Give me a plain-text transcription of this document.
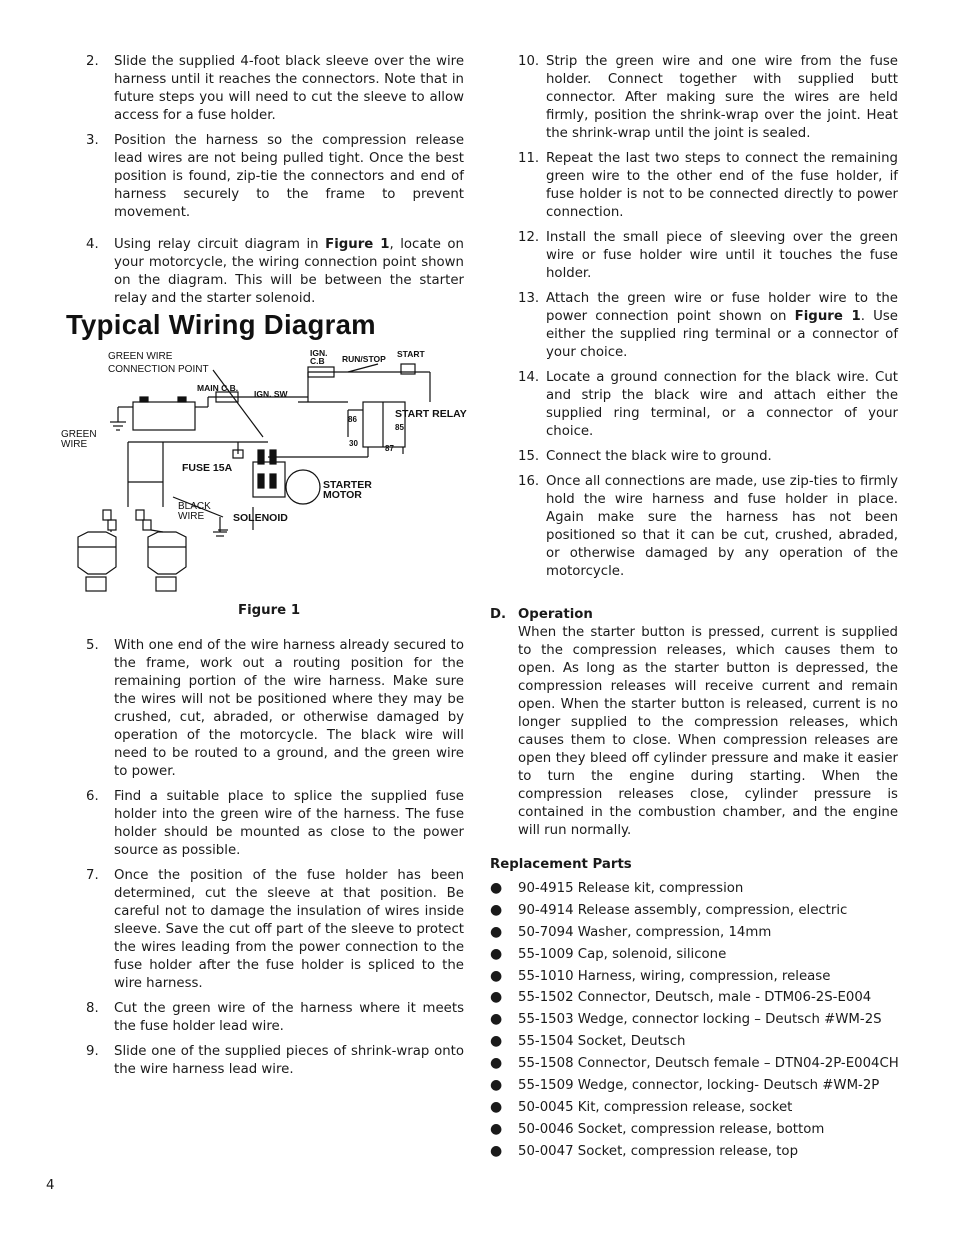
2. Slide the supplied 4-foot black sleeve over the wire harness until it reaches the connectors. Note that in future steps you will need to cut the sleeve to allow access for a fuse holder.
3. Position the harness so the compression release lead wires are not being pulled tight. Once the best position is found, zip-tie the connectors and end of harness securely to the frame to prevent movement.
4. Using relay circuit diagram in Figure 1, locate on your motorcycle, the wiring connection point shown on the diagram. This will be between the starter relay and the starter solenoid.
Typical Wiring Diagram
GREEN WIRE
CONNECTION POINT
IGN.
C.B RUN/STOP START
MAIN C.B.
IGN. SW
START RELAY
86
85
30
87
GREEN
WIRE
FUSE 15A
STARTER
MOTOR
BLACK
WIRE	SOLENOID
Figure 1
5. With one end of the wire harness already secured to the frame, work out a routing position for the remaining portion of the wire harness. Make sure the wires will not be positioned where they may be crushed, cut, abraded, or otherwise damaged by operation of the motorcycle. The black wire will need to be routed to a ground, and the green wire to power.
6. Find a suitable place to splice the supplied fuse holder into the green wire of the harness. The fuse holder should be mounted as close to the power source as possible.
7. Once the position of the fuse holder has been determined, cut the sleeve at that position. Be careful not to damage the insulation of wires inside sleeve. Save the cut off part of the sleeve to protect the wires leading from the power connection to the fuse holder after the fuse holder is spliced to the wire harness.
8. Cut the green wire of the harness where it meets the fuse holder lead wire.
9. Slide one of the supplied pieces of shrink-wrap onto the wire harness lead wire.
10. Strip the green wire and one wire from the fuse holder. Connect together with supplied butt connector. After making sure the wires are held firmly, position the shrink-wrap over the joint. Heat the shrink-wrap until the joint is sealed.
11. Repeat the last two steps to connect the remaining green wire to the other end of the fuse holder, if fuse holder is not to be connected directly to power connection.
12. Install the small piece of sleeving over the green wire or fuse holder wire until it touches the fuse holder.
13. Attach the green wire or fuse holder wire to the power connection point shown on Figure 1. Use either the supplied ring terminal or a connector of your choice.
14. Locate a ground connection for the black wire. Cut and strip the black wire and attach either the supplied ring terminal, or a connector of your choice.
15. Connect the black wire to ground.
16. Once all connections are made, use zip-ties to firmly hold the wire harness and fuse holder in place. Again make sure the harness has not been positioned so that it can be cut, crushed, abraded, or otherwise damaged by any operation of the motorcycle.
D. Operation
When the starter button is pressed, current is supplied to the compression releases, which causes them to open. As long as the starter button is depressed, the compression releases will receive current and remain open. When the starter button is released, current is no longer supplied to the compression releases, which causes them to close. When compression releases are open they bleed off cylinder pressure and make it easier to turn the engine during starting. When the compression releases close, cylinder pressure is contained in the combustion chamber, and the engine will run normally.
Replacement Parts
● 90-4915 Release kit, compression
● 90-4914 Release assembly, compression, electric
● 50-7094 Washer, compression, 14mm
● 55-1009 Cap, solenoid, silicone
● 55-1010 Harness, wiring, compression, release
● 55-1502 Connector, Deutsch, male - DTM06-2S-E004
● 55-1503 Wedge, connector locking – Deutsch #WM-2S
● 55-1504 Socket, Deutsch
● 55-1508 Connector, Deutsch female – DTN04-2P-E004CH
● 55-1509 Wedge, connector, locking- Deutsch #WM-2P
● 50-0045 Kit, compression release, socket
● 50-0046 Socket, compression release, bottom
● 50-0047 Socket, compression release, top
4
